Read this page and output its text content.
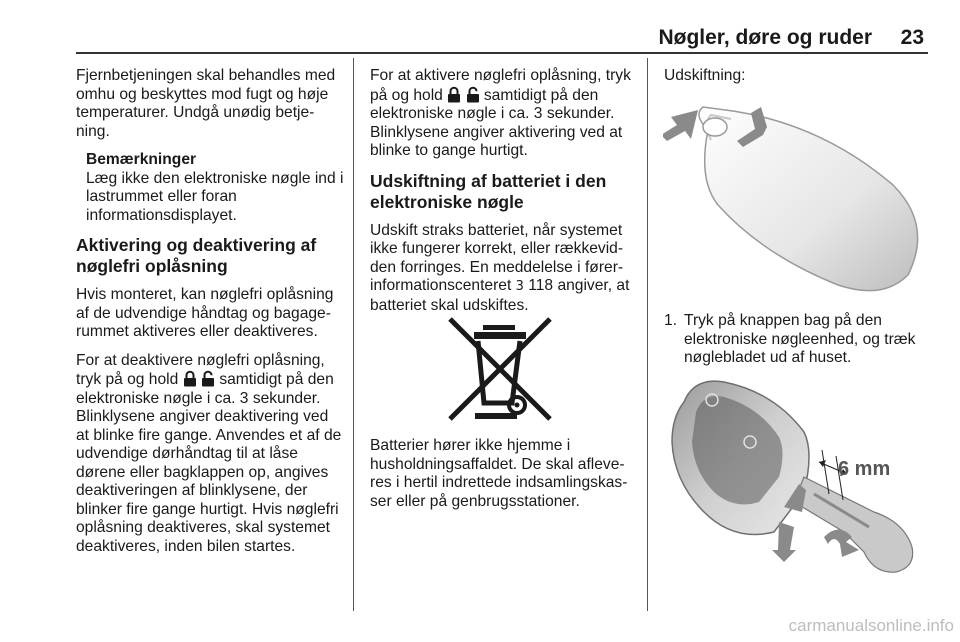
Nøgler, døre og ruder 23

Fjernbetjeningen skal behandles med omhu og beskyttes mod fugt og høje temperaturer. Undgå unødig betje-ning.

Bemærkninger
Læg ikke den elektroniske nøgle ind i lastrummet eller foran informationsdisplayet.
Aktivering og deaktivering af nøglefri oplåsning

Hvis monteret, kan nøglefri oplåsning af de udvendige håndtag og bagage-rummet aktiveres eller deaktiveres.

For at deaktivere nøglefri oplåsning, tryk på og hold	samtidigt på den elektroniske nøgle i ca. 3 sekunder. Blinklysene angiver deaktivering ved at blinke fire gange. Anvendes et af de udvendige dørhåndtag til at låse dørene eller bagklappen op, angives deaktiveringen af blinklysene, der blinker fire gange hurtigt. Hvis nøglefri oplåsning deaktiveres, skal systemet deaktiveres, inden bilen startes.

For at aktivere nøglefri oplåsning, tryk på og hold	samtidigt på den elektroniske nøgle i ca. 3 sekunder. Blinklysene angiver aktivering ved at blinke to gange hurtigt.

Udskiftning af batteriet i den elektroniske nøgle

Udskift straks batteriet, når systemet ikke fungerer korrekt, eller rækkevid-den forringes. En meddelelse i fører-informationscenteret 3 118 angiver, at batteriet skal udskiftes.

Batterier hører ikke hjemme i husholdningsaffaldet. De skal afleve-res i hertil indrettede indsamlingskas-ser eller på genbrugsstationer.

Udskiftning:

1. Tryk på knappen bag på den elektroniske nøgleenhed, og træk nøglebladet ud af huset.
6 mm
carmanualsonline.info
